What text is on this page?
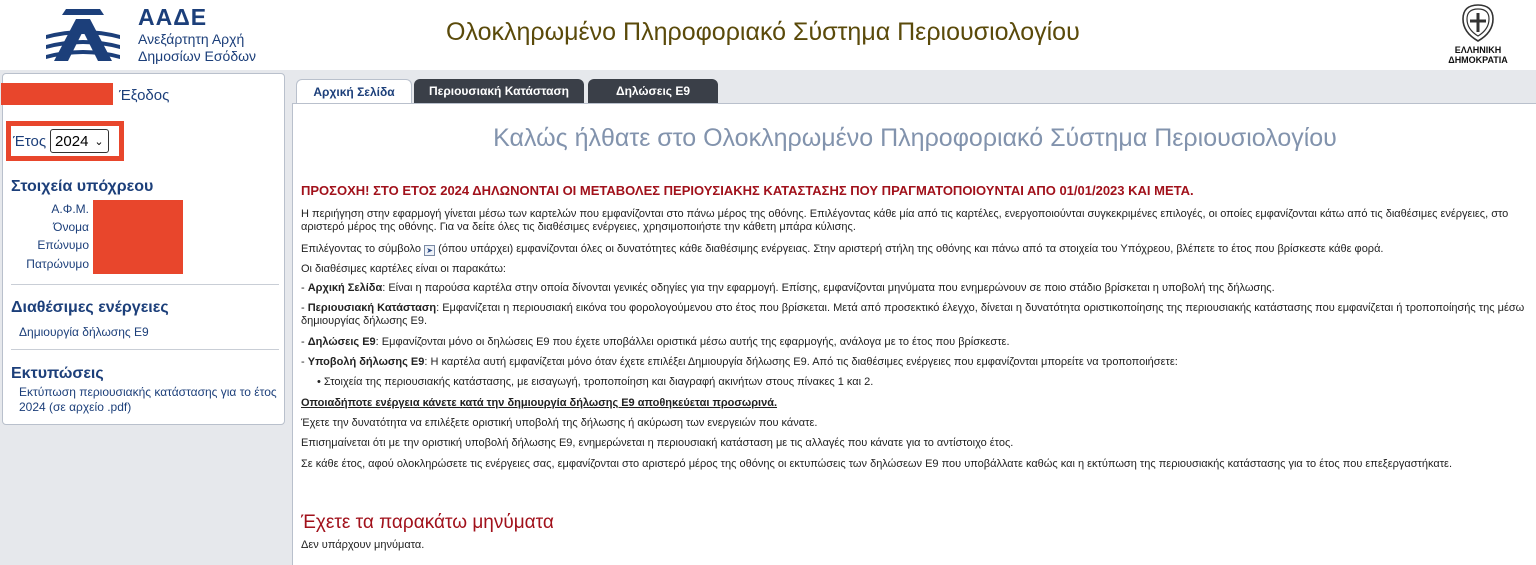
ΑΑΔΕ
Ανεξάρτητη Αρχή
Δημοσίων Εσόδων
Ολοκληρωμένο Πληροφοριακό Σύστημα Περιουσιολογίου
ΕΛΛΗΝΙΚΗ ΔΗΜΟΚΡΑΤΙΑ
Έξοδος
Έτος 2024 ⌄
Στοιχεία υπόχρεου
Α.Φ.Μ.
Όνομα
Επώνυμο
Πατρώνυμο
Διαθέσιμες ενέργειες
Δημιουργία δήλωσης Ε9
Εκτυπώσεις
Εκτύπωση περιουσιακής κατάστασης για το έτος 2024 (σε αρχείο .pdf)
Αρχική Σελίδα	Περιουσιακή Κατάσταση	Δηλώσεις Ε9
Καλώς ήλθατε στο Ολοκληρωμένο Πληροφοριακό Σύστημα Περιουσιολογίου
ΠΡΟΣΟΧΗ! ΣΤΟ ΕΤΟΣ 2024 ΔΗΛΩΝΟΝΤΑΙ ΟΙ ΜΕΤΑΒΟΛΕΣ ΠΕΡΙΟΥΣΙΑΚΗΣ ΚΑΤΑΣΤΑΣΗΣ ΠΟΥ ΠΡΑΓΜΑΤΟΠΟΙΟΥΝΤΑΙ ΑΠΟ 01/01/2023 ΚΑΙ ΜΕΤΑ.
Η περιήγηση στην εφαρμογή γίνεται μέσω των καρτελών που εμφανίζονται στο πάνω μέρος της οθόνης. Επιλέγοντας κάθε μία από τις καρτέλες, ενεργοποιούνται συγκεκριμένες επιλογές, οι οποίες εμφανίζονται κάτω από τις διαθέσιμες ενέργειες, στο αριστερό μέρος της οθόνης. Για να δείτε όλες τις διαθέσιμες ενέργειες, χρησιμοποιήστε την κάθετη μπάρα κύλισης.
Επιλέγοντας το σύμβολο ➤ (όπου υπάρχει) εμφανίζονται όλες οι δυνατότητες κάθε διαθέσιμης ενέργειας. Στην αριστερή στήλη της οθόνης και πάνω από τα στοιχεία του Υπόχρεου, βλέπετε το έτος που βρίσκεστε κάθε φορά.
Οι διαθέσιμες καρτέλες είναι οι παρακάτω:
- Αρχική Σελίδα: Είναι η παρούσα καρτέλα στην οποία δίνονται γενικές οδηγίες για την εφαρμογή. Επίσης, εμφανίζονται μηνύματα που ενημερώνουν σε ποιο στάδιο βρίσκεται η υποβολή της δήλωσης.
- Περιουσιακή Κατάσταση: Εμφανίζεται η περιουσιακή εικόνα του φορολογούμενου στο έτος που βρίσκεται. Μετά από προσεκτικό έλεγχο, δίνεται η δυνατότητα οριστικοποίησης της περιουσιακής κατάστασης που εμφανίζεται ή τροποποίησής της μέσω δημιουργίας δήλωσης Ε9.
- Δηλώσεις Ε9: Εμφανίζονται μόνο οι δηλώσεις Ε9 που έχετε υποβάλλει οριστικά μέσω αυτής της εφαρμογής, ανάλογα με το έτος που βρίσκεστε.
- Υποβολή δήλωσης Ε9: Η καρτέλα αυτή εμφανίζεται μόνο όταν έχετε επιλέξει Δημιουργία δήλωσης Ε9. Από τις διαθέσιμες ενέργειες που εμφανίζονται μπορείτε να τροποποιήσετε:
• Στοιχεία της περιουσιακής κατάστασης, με εισαγωγή, τροποποίηση και διαγραφή ακινήτων στους πίνακες 1 και 2.
Οποιαδήποτε ενέργεια κάνετε κατά την δημιουργία δήλωσης Ε9 αποθηκεύεται προσωρινά.
Έχετε την δυνατότητα να επιλέξετε οριστική υποβολή της δήλωσης ή ακύρωση των ενεργειών που κάνατε.
Επισημαίνεται ότι με την οριστική υποβολή δήλωσης Ε9, ενημερώνεται η περιουσιακή κατάσταση με τις αλλαγές που κάνατε για το αντίστοιχο έτος.
Σε κάθε έτος, αφού ολοκληρώσετε τις ενέργειες σας, εμφανίζονται στο αριστερό μέρος της οθόνης οι εκτυπώσεις των δηλώσεων Ε9 που υποβάλλατε καθώς και η εκτύπωση της περιουσιακής κατάστασης για το έτος που επεξεργαστήκατε.
Έχετε τα παρακάτω μηνύματα
Δεν υπάρχουν μηνύματα.
